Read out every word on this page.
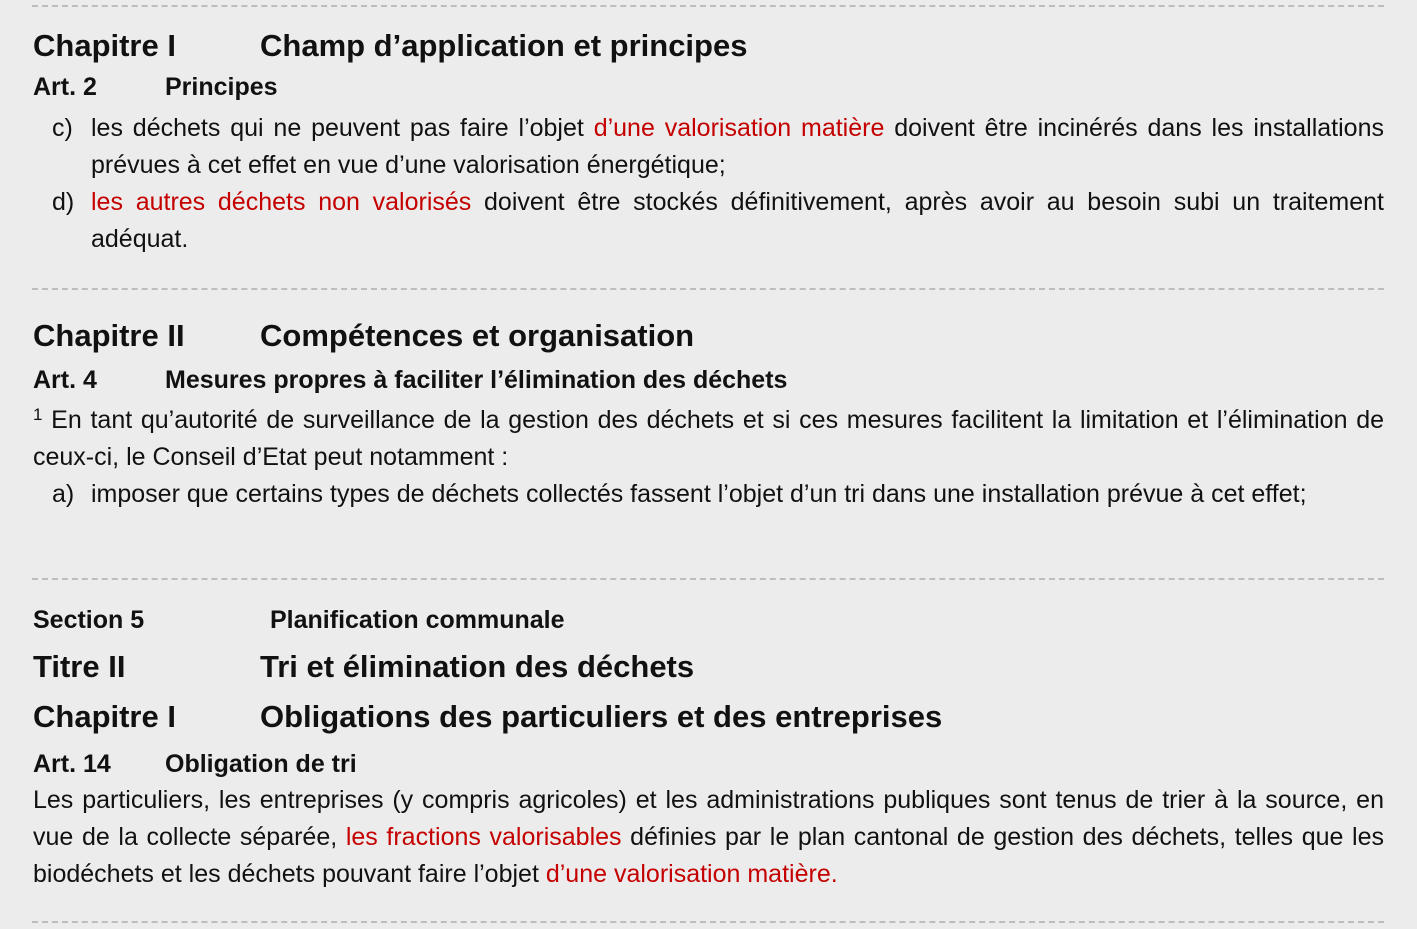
Chapitre I	Champ d’application et principes
Art. 2	Principes
c) les déchets qui ne peuvent pas faire l’objet d’une valorisation matière doivent être incinérés dans les installations prévues à cet effet en vue d’une valorisation énergétique;
d) les autres déchets non valorisés doivent être stockés définitivement, après avoir au besoin subi un traitement adéquat.
Chapitre II	Compétences et organisation
Art. 4	Mesures propres à faciliter l’élimination des déchets
$^1$ En tant qu’autorité de surveillance de la gestion des déchets et si ces mesures facilitent la limitation et l’élimination de ceux-ci, le Conseil d’Etat peut notamment :
a) imposer que certains types de déchets collectés fassent l’objet d’un tri dans une installation prévue à cet effet;
Section 5	Planification communale
Titre II	Tri et élimination des déchets
Chapitre I	Obligations des particuliers et des entreprises
Art. 14	Obligation de tri
Les particuliers, les entreprises (y compris agricoles) et les administrations publiques sont tenus de trier à la source, en vue de la collecte séparée, les fractions valorisables définies par le plan cantonal de gestion des déchets, telles que les biodéchets et les déchets pouvant faire l’objet d’une valorisation matière.
